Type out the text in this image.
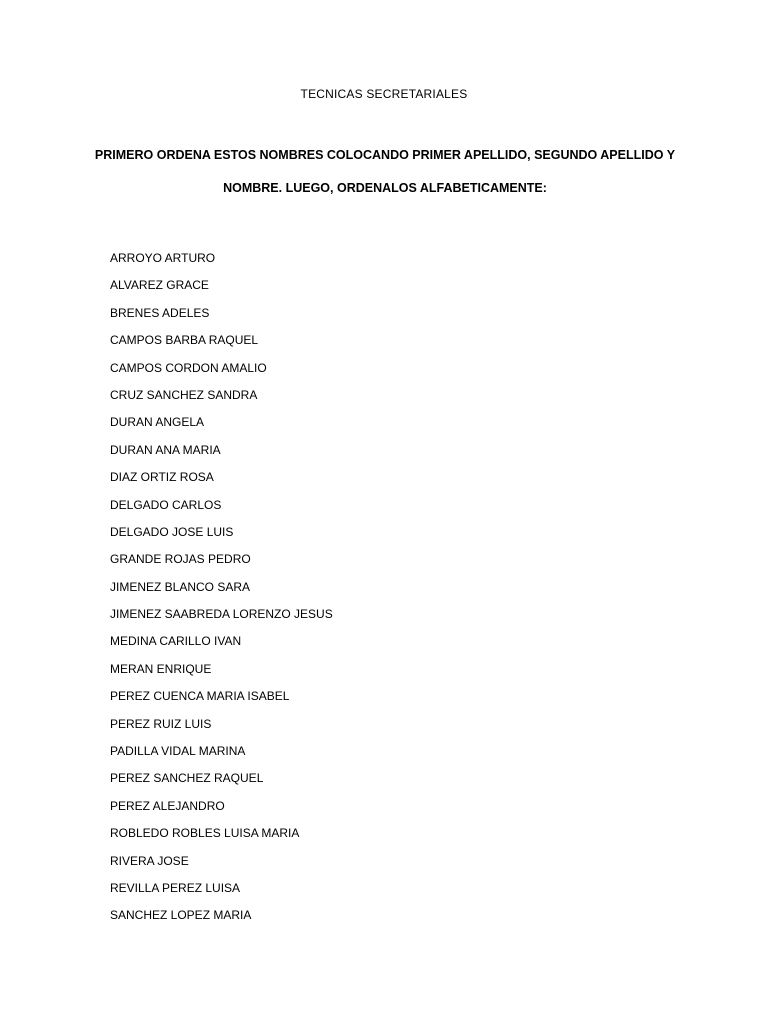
TECNICAS SECRETARIALES

PRIMERO ORDENA ESTOS NOMBRES COLOCANDO PRIMER APELLIDO, SEGUNDO APELLIDO Y

NOMBRE. LUEGO, ORDENALOS ALFABETICAMENTE:

ARROYO ARTURO
ALVAREZ GRACE
BRENES ADELES
CAMPOS BARBA RAQUEL
CAMPOS CORDON AMALIO
CRUZ SANCHEZ SANDRA
DURAN ANGELA
DURAN ANA MARIA
DIAZ ORTIZ ROSA
DELGADO CARLOS
DELGADO JOSE LUIS
GRANDE ROJAS PEDRO
JIMENEZ BLANCO SARA
JIMENEZ SAABREDA LORENZO JESUS
MEDINA CARILLO IVAN
MERAN ENRIQUE
PEREZ CUENCA MARIA ISABEL
PEREZ RUIZ LUIS
PADILLA VIDAL MARINA
PEREZ SANCHEZ RAQUEL
PEREZ ALEJANDRO
ROBLEDO ROBLES LUISA MARIA
RIVERA JOSE
REVILLA PEREZ LUISA
SANCHEZ LOPEZ MARIA
